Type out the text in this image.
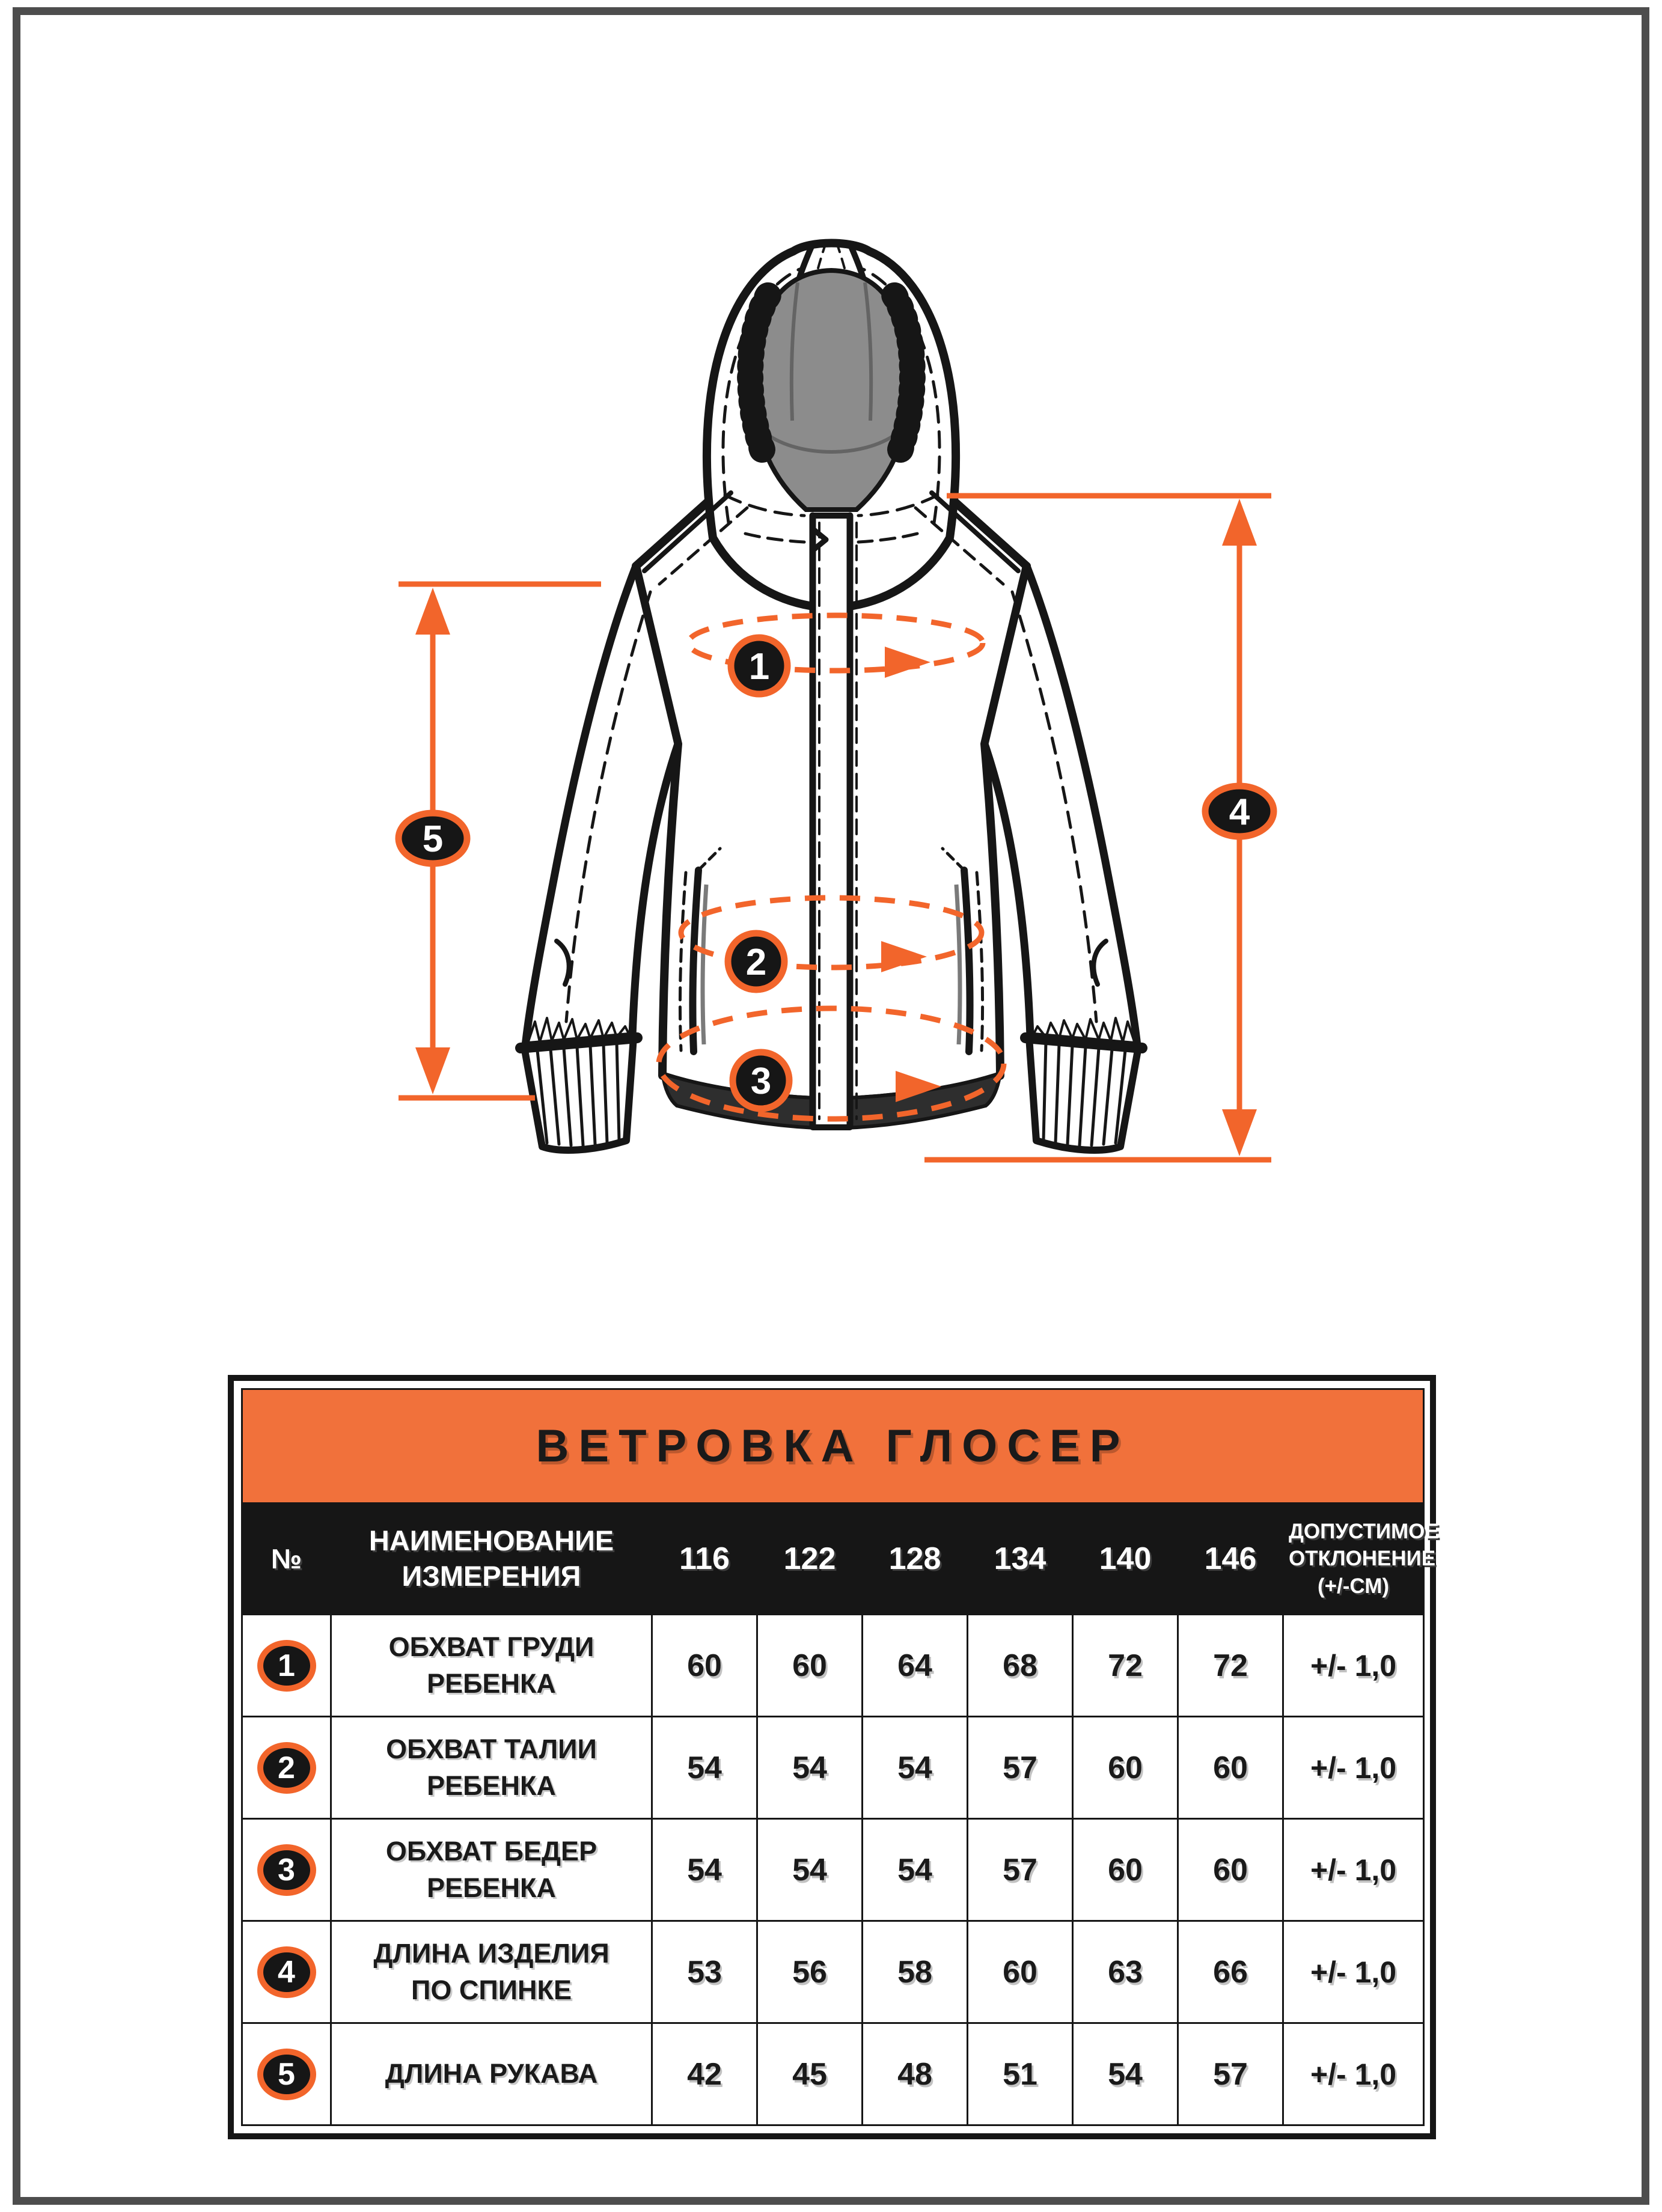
1
2
3
5
4
ВЕТРОВКА ГЛОСЕР								
№	НАИМЕНОВАНИЕ ИЗМЕРЕНИЯ	116	122	128	134	140	146	ДОПУСТИМОЕ ОТКЛОНЕНИЕ (+/-СМ)
1	ОБХВАТ ГРУДИ РЕБЕНКА	60	60	64	68	72	72	+/- 1,0
2	ОБХВАТ ТАЛИИ РЕБЕНКА	54	54	54	57	60	60	+/- 1,0
3	ОБХВАТ БЕДЕР РЕБЕНКА	54	54	54	57	60	60	+/- 1,0
4	ДЛИНА ИЗДЕЛИЯ ПО СПИНКЕ	53	56	58	60	63	66	+/- 1,0
5	ДЛИНА РУКАВА	42	45	48	51	54	57	+/- 1,0
